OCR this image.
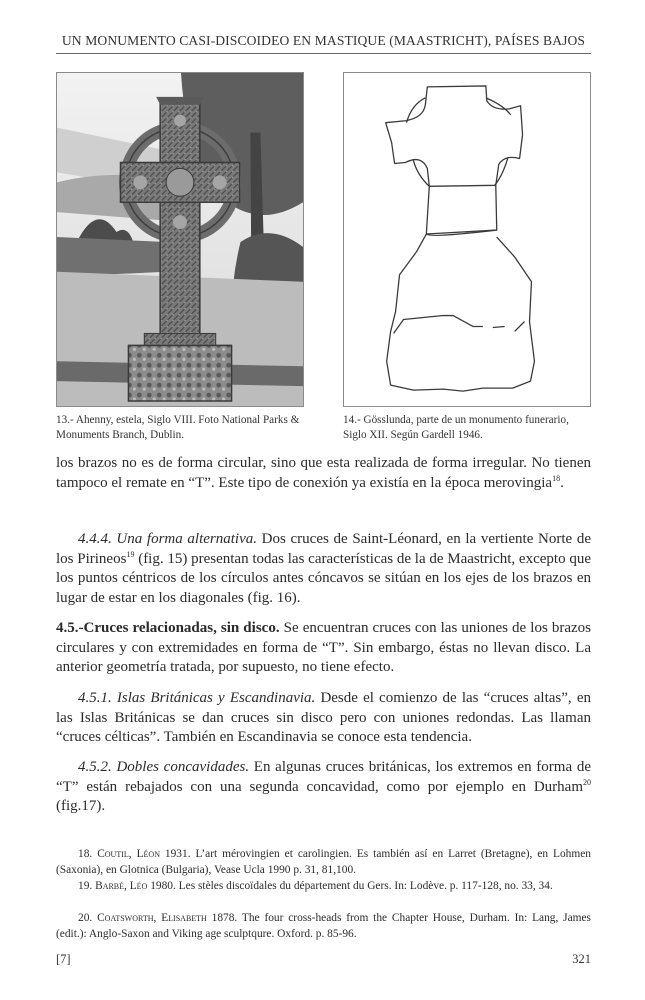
UN MONUMENTO CASI-DISCOIDEO EN MASTIQUE (MAASTRICHT), PAÍSES BAJOS
13.- Ahenny, estela, Siglo VIII. Foto National Parks & Monuments Branch, Dublin.
14.- Gösslunda, parte de un monumento funerario, Siglo XII. Según Gardell 1946.
los brazos no es de forma circular, sino que esta realizada de forma irregular. No tienen tampoco el remate en “T”. Este tipo de conexión ya existía en la época merovingia$^{18}$.
4.4.4. Una forma alternativa. Dos cruces de Saint-Léonard, en la vertiente Norte de los Pirineos$^{19}$ (fig. 15) presentan todas las características de la de Maastricht, excepto que los puntos céntricos de los círculos antes cóncavos se sitúan en los ejes de los brazos en lugar de estar en los diagonales (fig. 16).
4.5.-Cruces relacionadas, sin disco. Se encuentran cruces con las uniones de los brazos circulares y con extremidades en forma de “T”. Sin embargo, éstas no llevan disco. La anterior geometría tratada, por supuesto, no tiene efecto.
4.5.1. Islas Británicas y Escandinavia. Desde el comienzo de las “cruces altas”, en las Islas Británicas se dan cruces sin disco pero con uniones redondas. Las llaman “cruces célticas”. También en Escandinavia se conoce esta tendencia.
4.5.2. Dobles concavidades. En algunas cruces británicas, los extremos en forma de “T” están rebajados con una segunda concavidad, como por ejemplo en Durham$^{20}$ (fig.17).
18. Coutil, Léon 1931. L’art mérovingien et carolingien. Es también así en Larret (Bretagne), en Lohmen (Saxonia), en Glotnica (Bulgaria), Vease Ucla 1990 p. 31, 81,100.
19. Barbé, Léo 1980. Les stèles discoïdales du département du Gers. In: Lodève. p. 117-128, no. 33, 34.
20. Coatsworth, Elisabeth 1878. The four cross-heads from the Chapter House, Durham. In: Lang, James (edit.): Anglo-Saxon and Viking age sculptqure. Oxford. p. 85-96.
[7]	321
